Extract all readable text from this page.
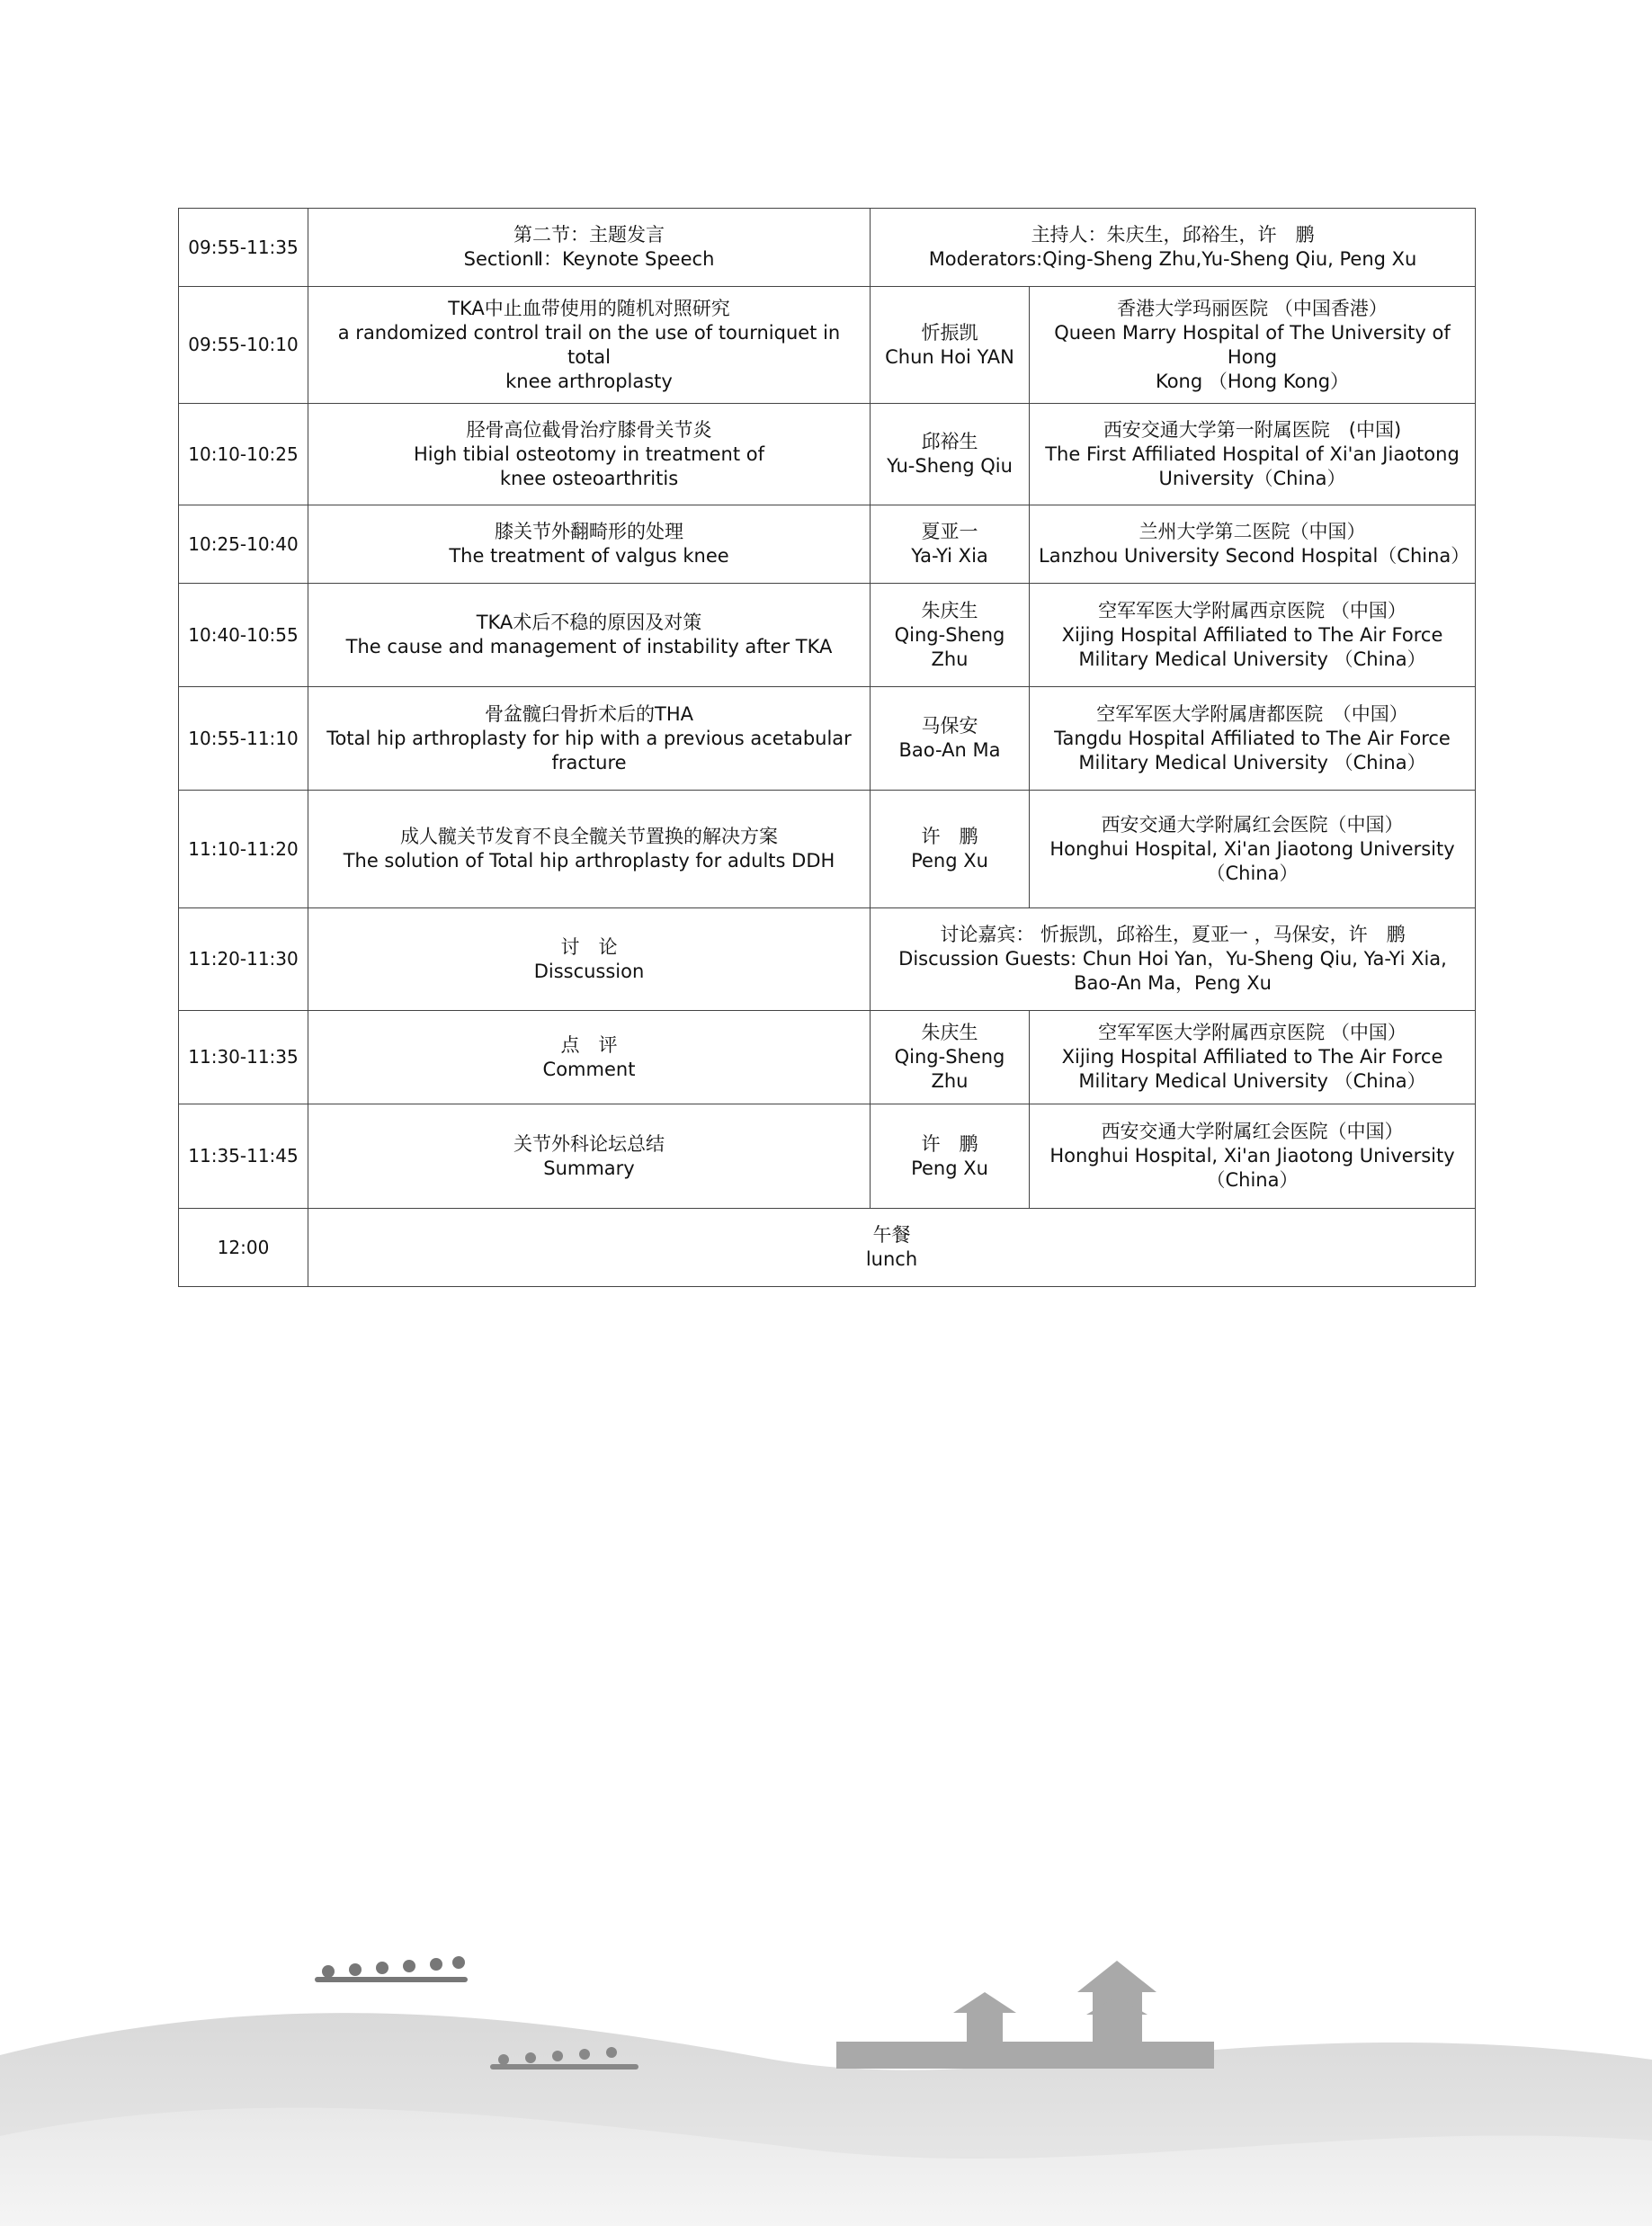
09:55-11:35	第二节：主题发言
SectionⅡ：Keynote Speech	主持人：朱庆生，邱裕生，许　鹏
Moderators:Qing-Sheng Zhu,Yu-Sheng Qiu, Peng Xu	

09:55-10:10	TKA中止血带使用的随机对照研究
a randomized control trail on the use of tourniquet in total
knee arthroplasty	忻振凯
Chun Hoi YAN	香港大学玛丽医院 （中国香港）
Queen Marry Hospital of The University of Hong
Kong （Hong Kong）

10:10-10:25	胫骨高位截骨治疗膝骨关节炎
High tibial osteotomy in treatment of
knee osteoarthritis	邱裕生
Yu-Sheng Qiu	西安交通大学第一附属医院　(中国)
The First Affiliated Hospital of Xi'an Jiaotong
University（China）

10:25-10:40	膝关节外翻畸形的处理
The treatment of valgus knee	夏亚一
Ya-Yi Xia	兰州大学第二医院（中国）
Lanzhou University Second Hospital（China）

10:40-10:55	TKA术后不稳的原因及对策
The cause and management of instability after TKA	朱庆生
Qing-Sheng Zhu	空军军医大学附属西京医院 （中国）
Xijing Hospital Affiliated to The Air Force
Military Medical University （China）

10:55-11:10	骨盆髋臼骨折术后的THA
Total hip arthroplasty for hip with a previous acetabular
fracture	马保安
Bao-An Ma	空军军医大学附属唐都医院　（中国）
Tangdu Hospital Affiliated to The Air Force
Military Medical University （China）

11:10-11:20	成人髋关节发育不良全髋关节置换的解决方案
The solution of Total hip arthroplasty for adults DDH	许　鹏
Peng Xu	西安交通大学附属红会医院（中国）
Honghui Hospital, Xi'an Jiaotong University
（China）

11:20-11:30	讨　论
Disscussion	讨论嘉宾： 忻振凯，邱裕生，夏亚一 ，马保安，许　鹏
Discussion Guests: Chun Hoi Yan，Yu-Sheng Qiu, Ya-Yi Xia,
Bao-An Ma，Peng Xu	

11:30-11:35	点　评
Comment	朱庆生
Qing-Sheng Zhu	空军军医大学附属西京医院 （中国）
Xijing Hospital Affiliated to The Air Force
Military Medical University （China）

11:35-11:45	关节外科论坛总结
Summary	许　鹏
Peng Xu	西安交通大学附属红会医院（中国）
Honghui Hospital, Xi'an Jiaotong University
（China）

12:00	午餐
lunch		
